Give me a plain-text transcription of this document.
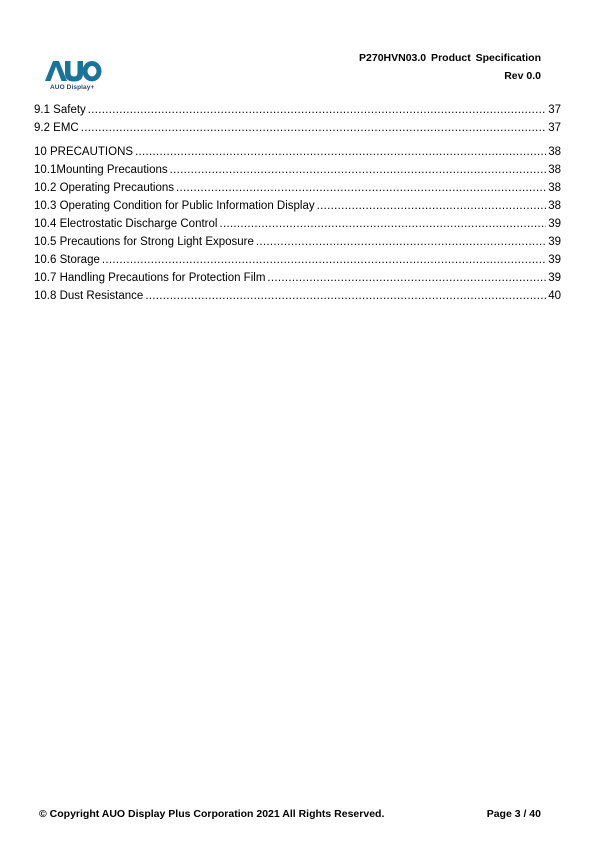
AUO Display+
P270HVN03.0 Product Specification
Rev 0.0
9.1 Safety .....	37
9.2 EMC .....	37
10 PRECAUTIONS .....	38
10.1Mounting Precautions .....	38
10.2 Operating Precautions .....	38
10.3 Operating Condition for Public Information Display .....	38
10.4 Electrostatic Discharge Control .....	39
10.5 Precautions for Strong Light Exposure .....	39
10.6 Storage .....	39
10.7 Handling Precautions for Protection Film .....	39
10.8 Dust Resistance .....	40
© Copyright AUO Display Plus Corporation 2021 All Rights Reserved.	Page 3 / 40
